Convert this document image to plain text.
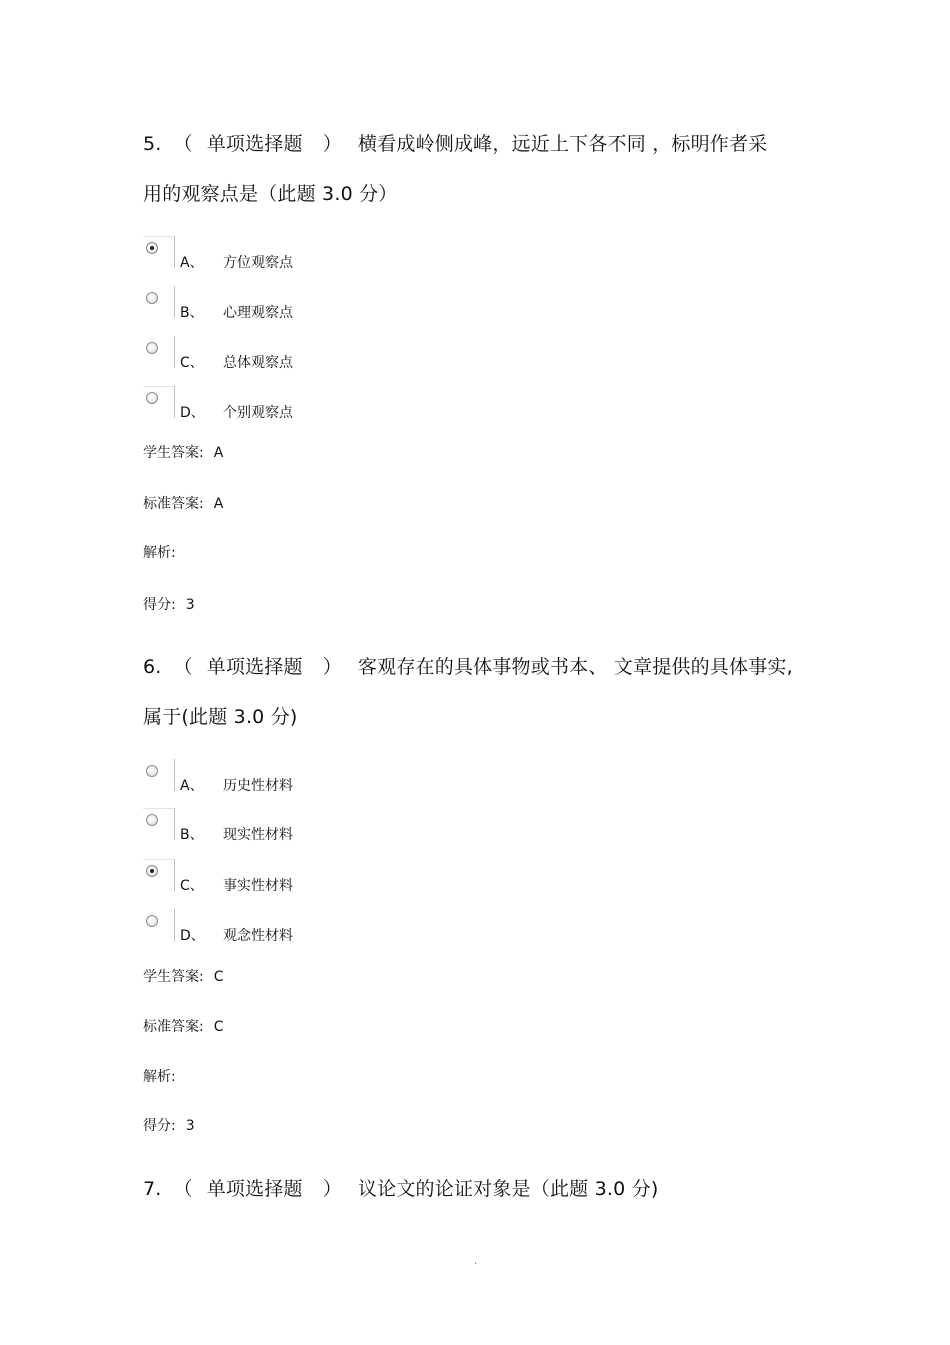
5. （ 单项选择题 ） 横看成岭侧成峰，远近上下各不同 ，标明作者采
用的观察点是（此题 3.0 分）
A、 方位观察点
B、 心理观察点
C、 总体观察点
D、 个别观察点
学生答案: A
标准答案: A
解析:
得分: 3
6. （ 单项选择题 ） 客观存在的具体事物或书本、 文章提供的具体事实,
属于(此题 3.0 分)
A、 历史性材料
B、 现实性材料
C、 事实性材料
D、 观念性材料
学生答案: C
标准答案: C
解析:
得分: 3
7. （ 单项选择题 ） 议论文的论证对象是（此题 3.0 分)
.
